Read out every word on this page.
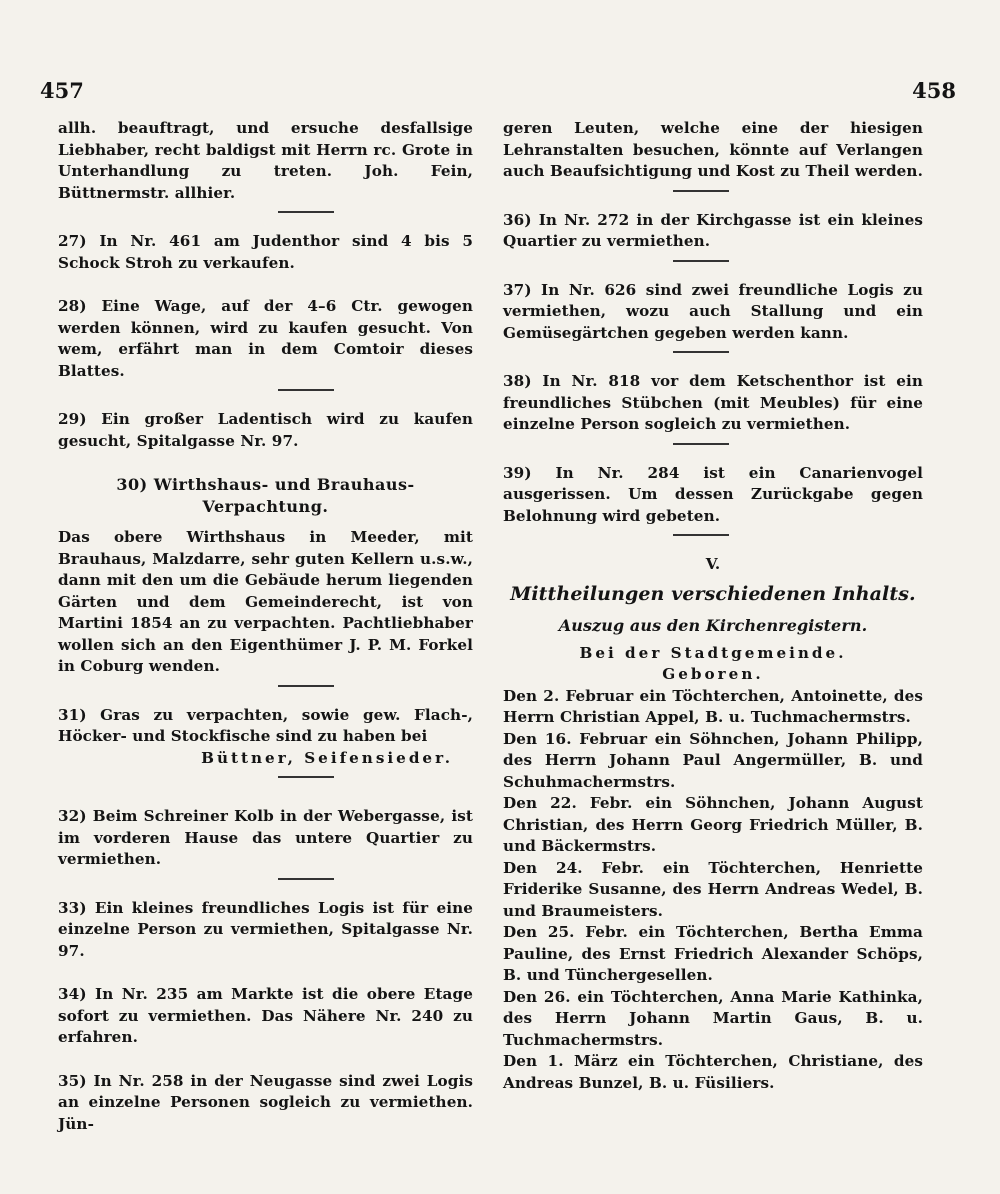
457	458

allh. beauftragt, und ersuche desfallsige Liebhaber, recht baldigst mit Herrn rc. Grote in Unterhandlung zu treten. Joh. Fein, Büttnermstr. allhier.

27) In Nr. 461 am Judenthor sind 4 bis 5 Schock Stroh zu verkaufen.

28) Eine Wage, auf der 4–6 Ctr. gewogen werden können, wird zu kaufen gesucht. Von wem, erfährt man in dem Comtoir dieses Blattes.

29) Ein großer Ladentisch wird zu kaufen gesucht, Spitalgasse Nr. 97.

30) Wirthshaus- und Brauhaus-

Verpachtung.

Das obere Wirthshaus in Meeder, mit Brauhaus, Malzdarre, sehr guten Kellern u.s.w., dann mit den um die Gebäude herum liegenden Gärten und dem Gemeinderecht, ist von Martini 1854 an zu verpachten. Pachtliebhaber wollen sich an den Eigenthümer J. P. M. Forkel in Coburg wenden.

31) Gras zu verpachten, sowie gew. Flach-, Höcker- und Stockfische sind zu haben bei

Büttner, Seifensieder.

32) Beim Schreiner Kolb in der Webergasse, ist im vorderen Hause das untere Quartier zu vermiethen.

33) Ein kleines freundliches Logis ist für eine einzelne Person zu vermiethen, Spitalgasse Nr. 97.

34) In Nr. 235 am Markte ist die obere Etage sofort zu vermiethen. Das Nähere Nr. 240 zu erfahren.

35) In Nr. 258 in der Neugasse sind zwei Logis an einzelne Personen sogleich zu vermiethen. Jün-

geren Leuten, welche eine der hiesigen Lehranstalten besuchen, könnte auf Verlangen auch Beaufsichtigung und Kost zu Theil werden.

36) In Nr. 272 in der Kirchgasse ist ein kleines Quartier zu vermiethen.

37) In Nr. 626 sind zwei freundliche Logis zu vermiethen, wozu auch Stallung und ein Gemüsegärtchen gegeben werden kann.

38) In Nr. 818 vor dem Ketschenthor ist ein freundliches Stübchen (mit Meubles) für eine einzelne Person sogleich zu vermiethen.

39) In Nr. 284 ist ein Canarienvogel ausgerissen. Um dessen Zurückgabe gegen Belohnung wird gebeten.

V.
Mittheilungen verschiedenen Inhalts.
Auszug aus den Kirchenregistern.
Bei der Stadtgemeinde.
Geboren.

Den 2. Februar ein Töchterchen, Antoinette, des Herrn Christian Appel, B. u. Tuchmachermstrs.

Den 16. Februar ein Söhnchen, Johann Philipp, des Herrn Johann Paul Angermüller, B. und Schuhmachermstrs.

Den 22. Febr. ein Söhnchen, Johann August Christian, des Herrn Georg Friedrich Müller, B. und Bäckermstrs.

Den 24. Febr. ein Töchterchen, Henriette Friderike Susanne, des Herrn Andreas Wedel, B. und Braumeisters.

Den 25. Febr. ein Töchterchen, Bertha Emma Pauline, des Ernst Friedrich Alexander Schöps, B. und Tünchergesellen.

Den 26. ein Töchterchen, Anna Marie Kathinka, des Herrn Johann Martin Gaus, B. u. Tuchmachermstrs.

Den 1. März ein Töchterchen, Christiane, des Andreas Bunzel, B. u. Füsiliers.
